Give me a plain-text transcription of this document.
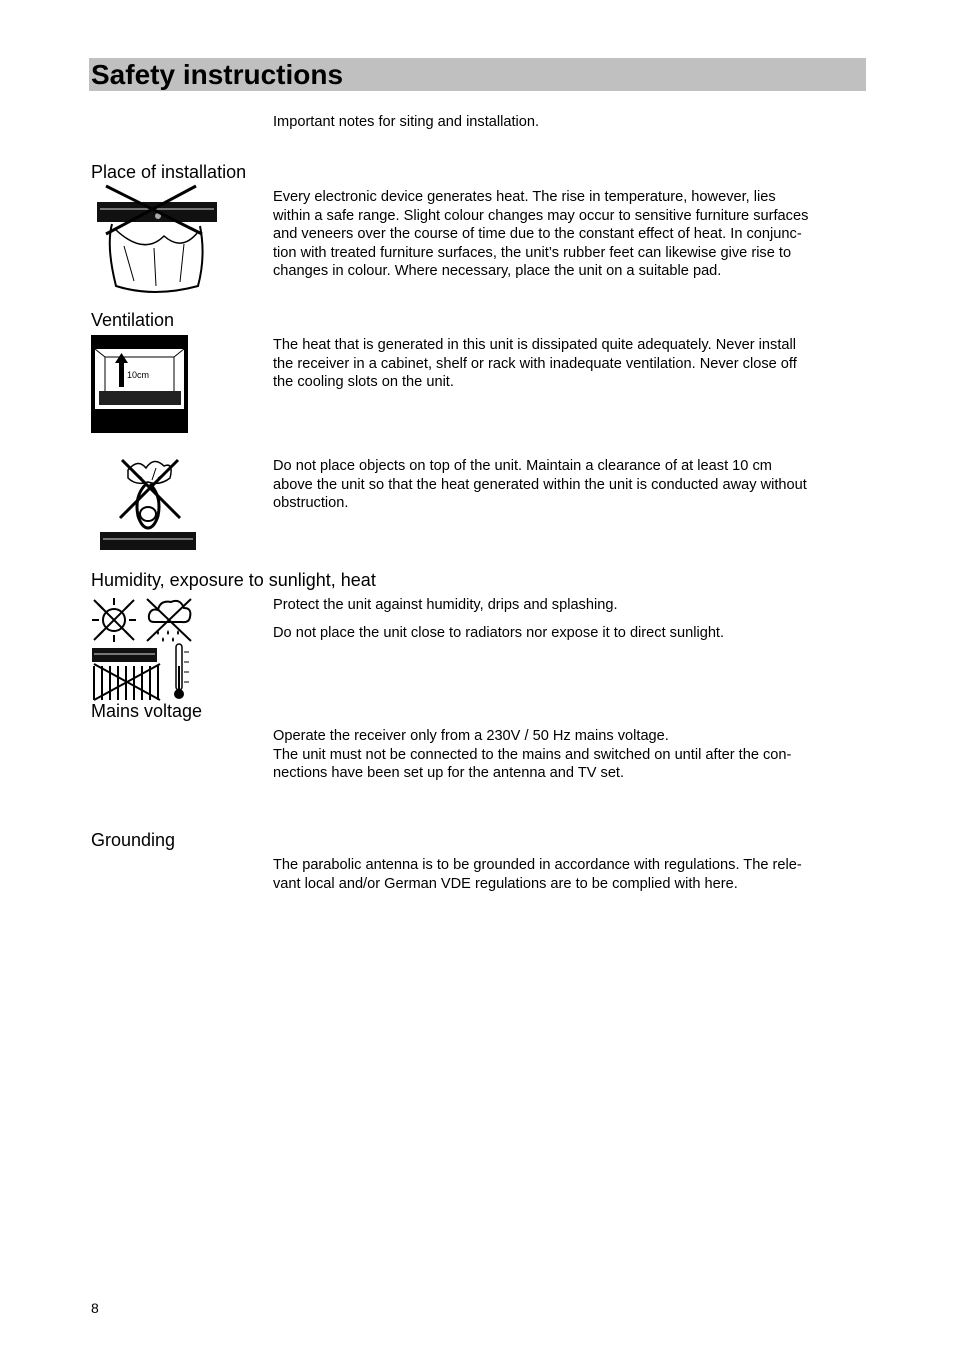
Safety instructions

Important notes for siting and installation.

Place of installation

Every electronic device generates heat. The rise in temperature, however, lies
within a safe range. Slight colour changes may occur to sensitive furniture surfaces
and veneers over the course of time due to the constant effect of heat. In conjunc-
tion with treated furniture surfaces, the unit’s rubber feet can likewise give rise to
changes in colour. Where necessary, place the unit on a suitable pad.

Ventilation
10cm

The heat that is generated in this unit is dissipated quite adequately. Never install
the receiver in a cabinet, shelf or rack with inadequate ventilation. Never close off
the cooling slots on the unit.

Do not place objects on top of the unit. Maintain a clearance of at least 10 cm
above the unit so that the heat generated within the unit is conducted away without
obstruction.

Humidity, exposure to sunlight, heat

Protect the unit against humidity, drips and splashing.

Do not place the unit close to radiators nor expose it to direct sunlight.

Mains voltage

Operate the receiver only from a 230V / 50 Hz mains voltage.
The unit must not be connected to the mains and switched on until after the con-
nections have been set up for the antenna and TV set.

Grounding

The parabolic antenna is to be grounded in accordance with regulations. The rele-
vant local and/or German VDE regulations are to be complied with here.

8
